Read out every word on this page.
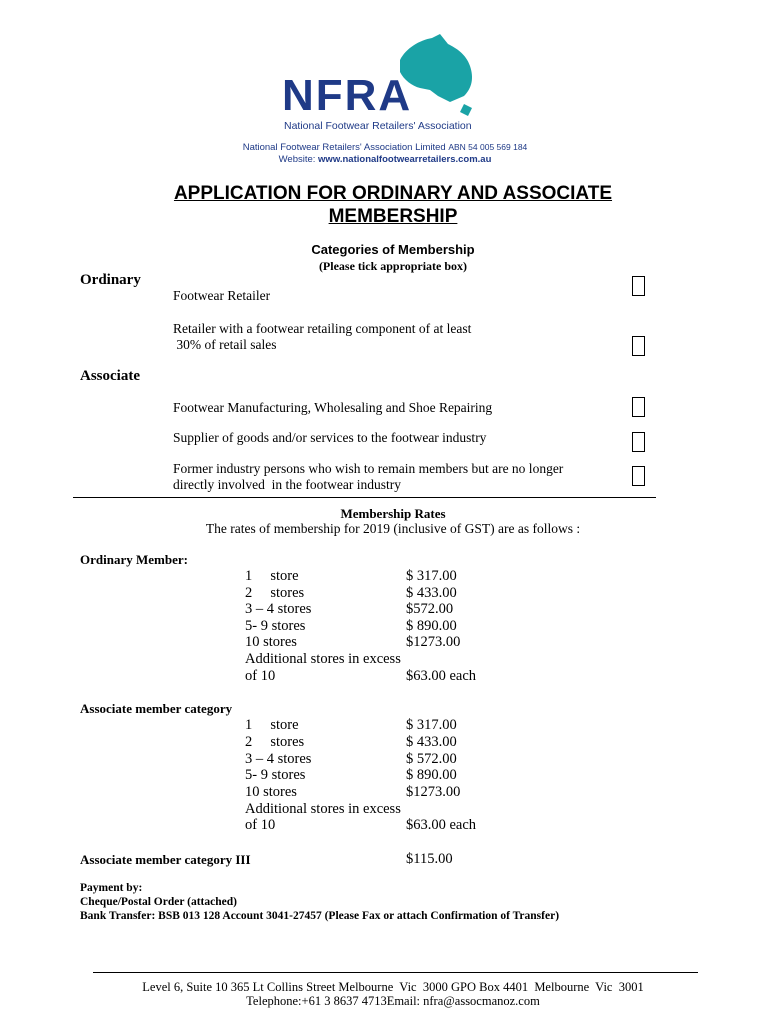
NFRA
National Footwear Retailers' Association
National Footwear Retailers' Association Limited ABN 54 005 569 184
Website: www.nationalfootwearretailers.com.au
APPLICATION FOR ORDINARY AND ASSOCIATE
MEMBERSHIP
Categories of Membership
(Please tick appropriate box)
Ordinary
Footwear Retailer
Retailer with a footwear retailing component of at least
30% of retail sales
Associate
Footwear Manufacturing, Wholesaling and Shoe Repairing
Supplier of goods and/or services to the footwear industry
Former industry persons who wish to remain members but are no longer
directly involved  in the footwear industry
Membership Rates
The rates of membership for 2019 (inclusive of GST) are as follows :
Ordinary Member:
1     store	$ 317.00
2     stores	$ 433.00
3 – 4 stores	$572.00
5- 9 stores	$ 890.00
10 stores	$1273.00
Additional stores in excess
of 10	$63.00 each
Associate member category
1     store	$ 317.00
2     stores	$ 433.00
3 – 4 stores	$ 572.00
5- 9 stores	$ 890.00
10 stores	$1273.00
Additional stores in excess
of 10	$63.00 each
Associate member category III	$115.00
Payment by:
Cheque/Postal Order (attached)
Bank Transfer: BSB 013 128 Account 3041-27457 (Please Fax or attach Confirmation of Transfer)
Level 6, Suite 10 365 Lt Collins Street Melbourne  Vic  3000 GPO Box 4401  Melbourne  Vic  3001
Telephone:+61 3 8637 4713Email: nfra@assocmanoz.com
